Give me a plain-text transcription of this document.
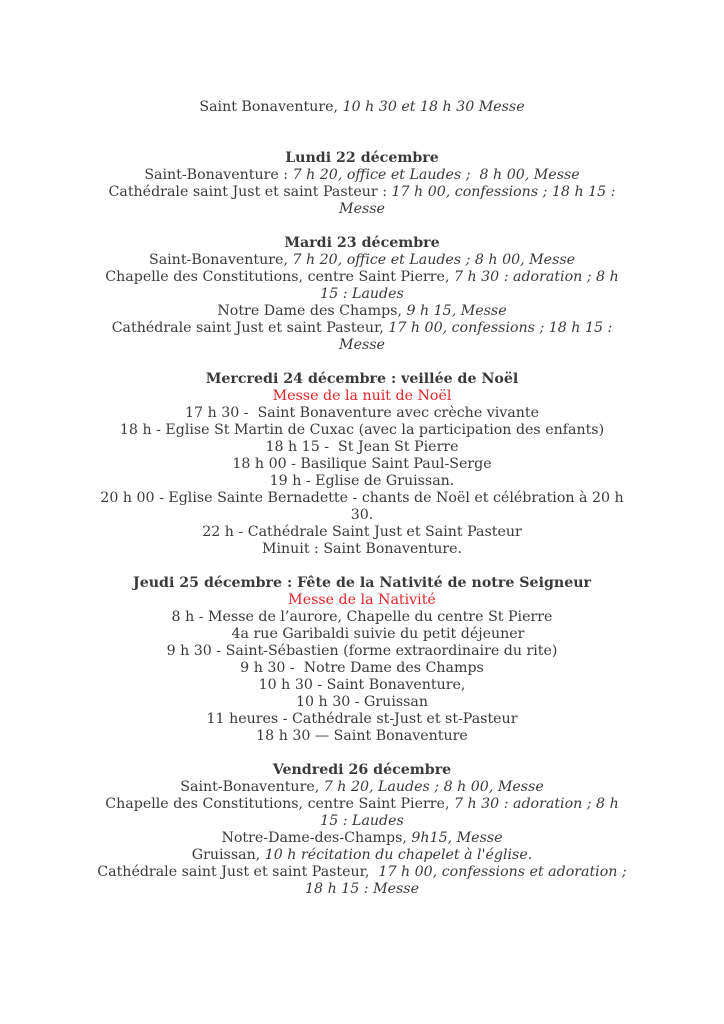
Saint Bonaventure, 10 h 30 et 18 h 30 Messe
Lundi 22 décembre
Saint-Bonaventure : 7 h 20, office et Laudes ;  8 h 00, Messe
Cathédrale saint Just et saint Pasteur : 17 h 00, confessions ; 18 h 15 :
Messe
Mardi 23 décembre
Saint-Bonaventure, 7 h 20, office et Laudes ; 8 h 00, Messe
Chapelle des Constitutions, centre Saint Pierre, 7 h 30 : adoration ; 8 h
15 : Laudes
Notre Dame des Champs, 9 h 15, Messe
Cathédrale saint Just et saint Pasteur, 17 h 00, confessions ; 18 h 15 :
Messe
Mercredi 24 décembre : veillée de Noël
Messe de la nuit de Noël
17 h 30 -  Saint Bonaventure avec crèche vivante
18 h - Eglise St Martin de Cuxac (avec la participation des enfants)
18 h 15 -  St Jean St Pierre
18 h 00 - Basilique Saint Paul-Serge
19 h - Eglise de Gruissan.
20 h 00 - Eglise Sainte Bernadette - chants de Noël et célébration à 20 h
30.
22 h - Cathédrale Saint Just et Saint Pasteur
Minuit : Saint Bonaventure.
Jeudi 25 décembre : Fête de la Nativité de notre Seigneur
Messe de la Nativité
8 h - Messe de l’aurore, Chapelle du centre St Pierre
4a rue Garibaldi suivie du petit déjeuner
9 h 30 - Saint-Sébastien (forme extraordinaire du rite)
9 h 30 -  Notre Dame des Champs
10 h 30 - Saint Bonaventure,
10 h 30 - Gruissan
11 heures - Cathédrale st-Just et st-Pasteur
18 h 30 — Saint Bonaventure
Vendredi 26 décembre
Saint-Bonaventure, 7 h 20, Laudes ; 8 h 00, Messe
Chapelle des Constitutions, centre Saint Pierre, 7 h 30 : adoration ; 8 h
15 : Laudes
Notre-Dame-des-Champs, 9h15, Messe
Gruissan, 10 h récitation du chapelet à l'église.
Cathédrale saint Just et saint Pasteur,  17 h 00, confessions et adoration ;
18 h 15 : Messe
